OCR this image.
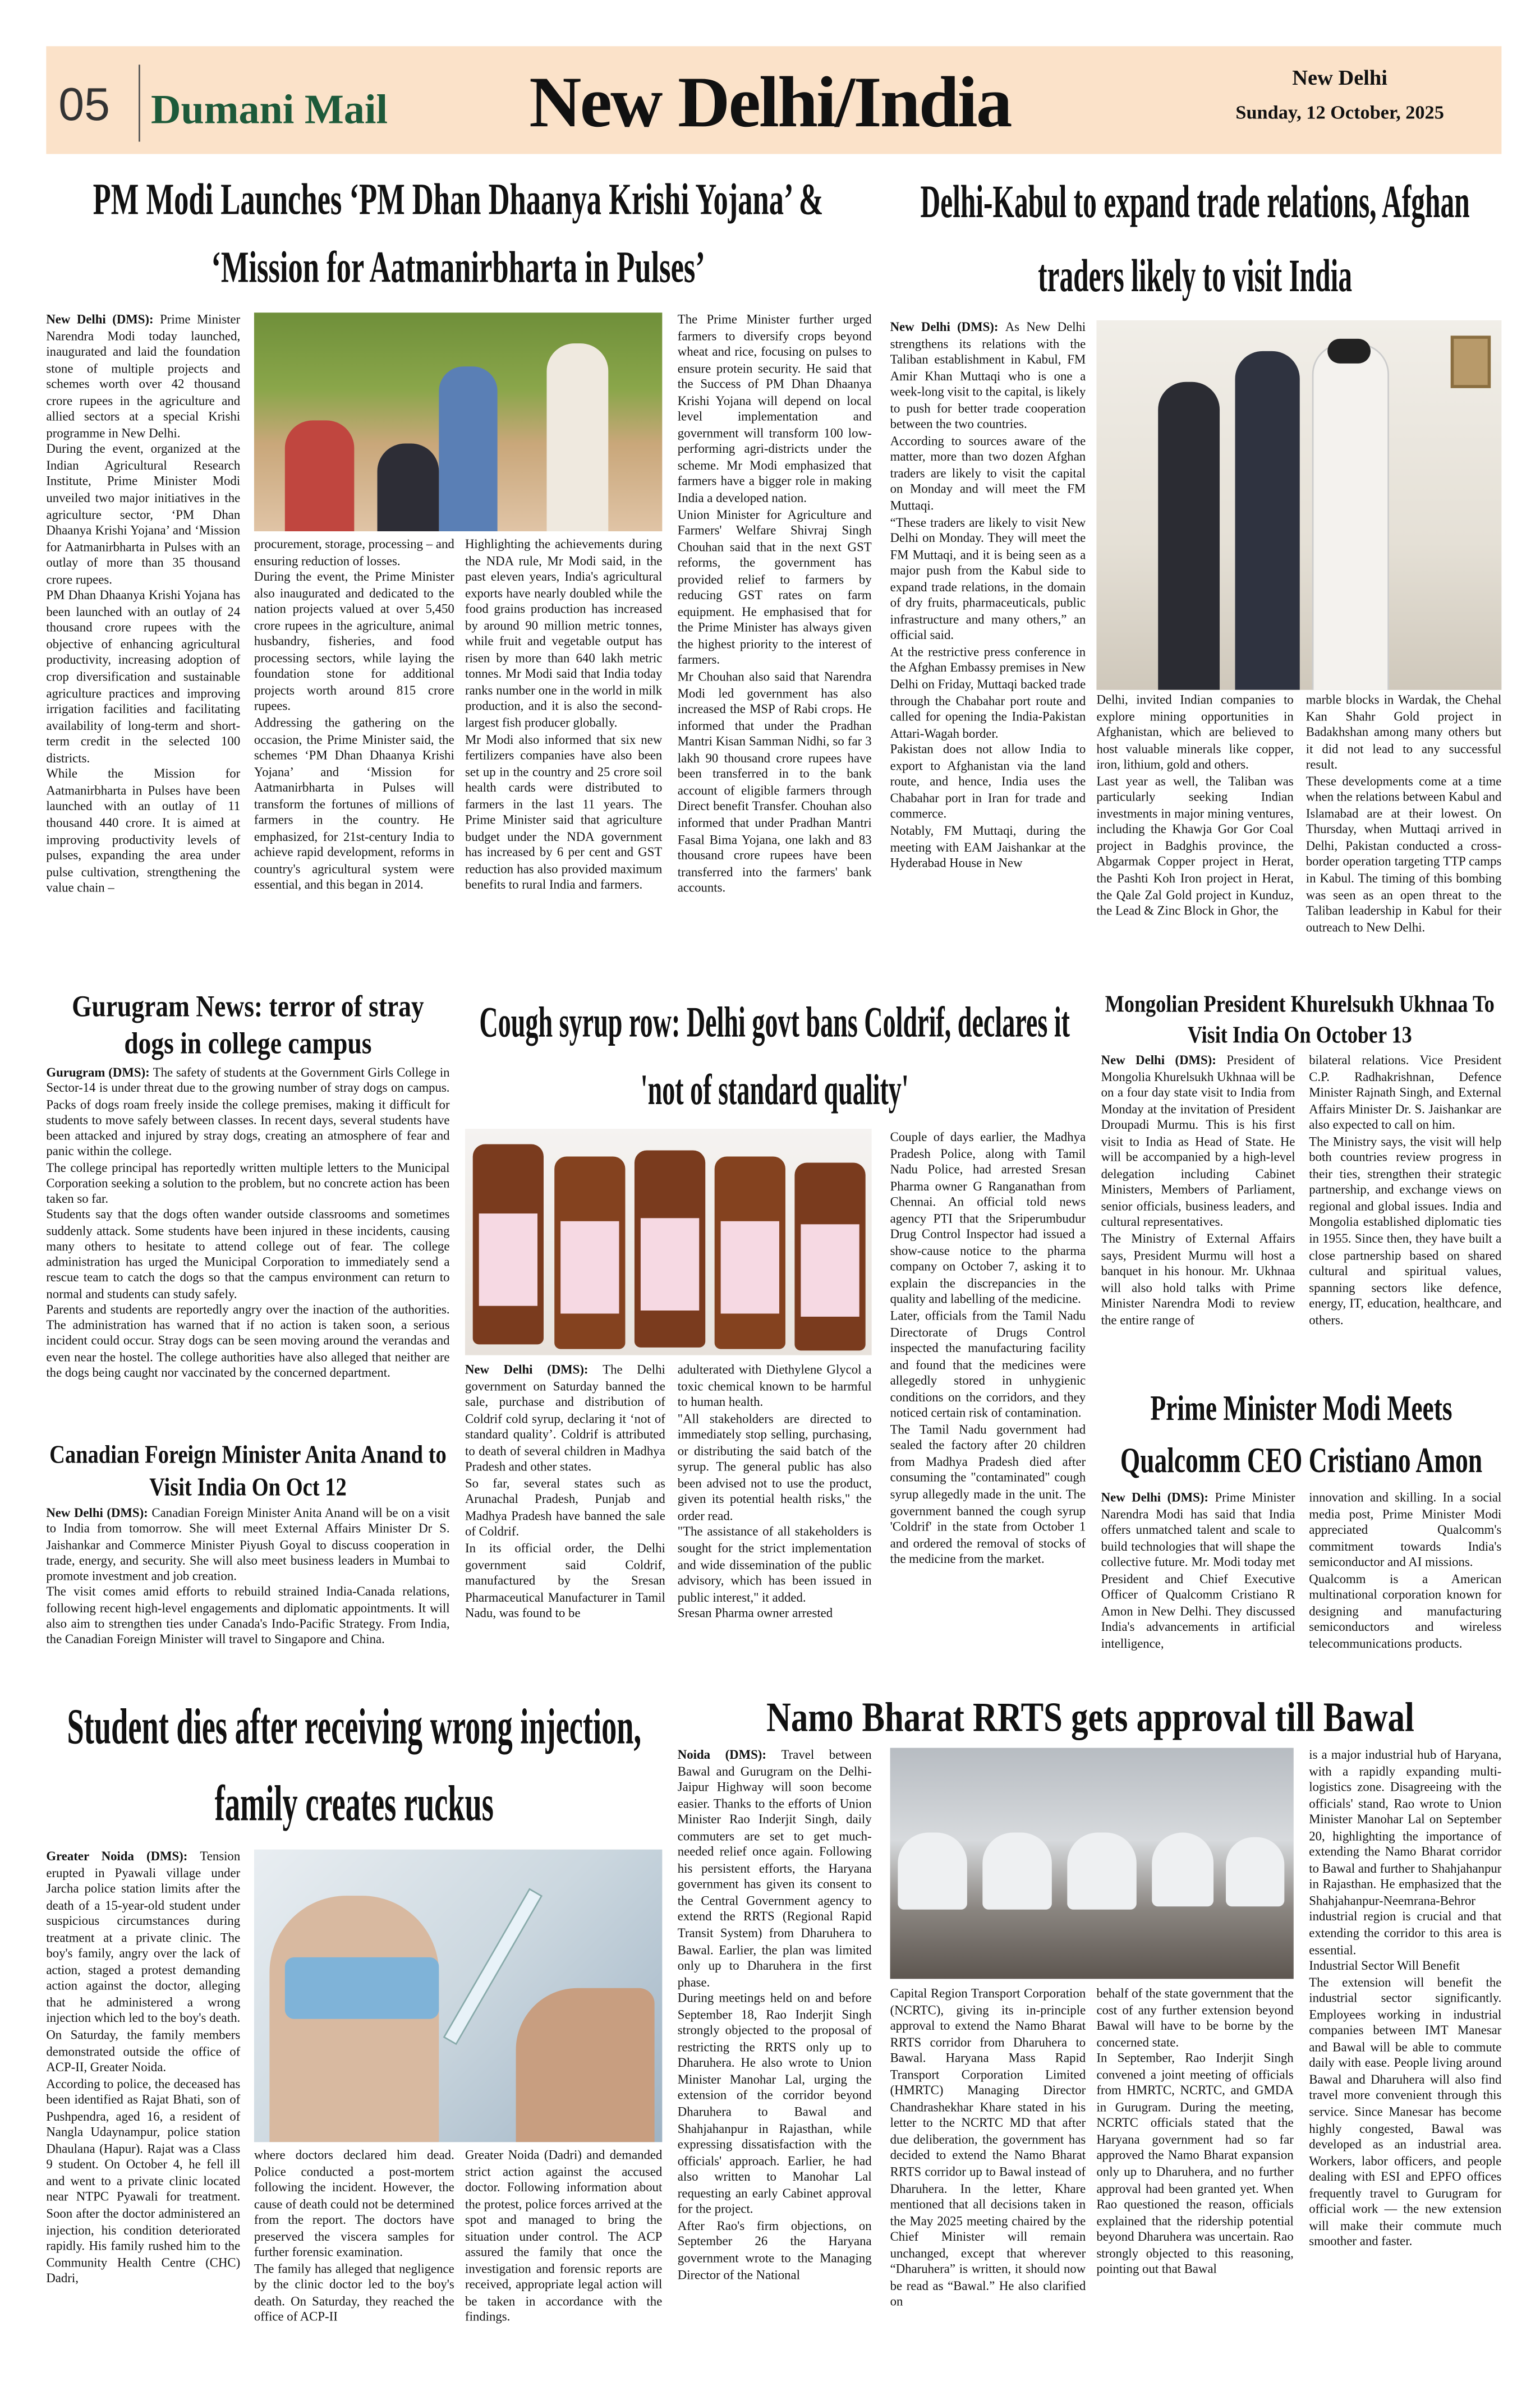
05	Dumani Mail	New Delhi/India	New Delhi
Sunday, 12 October, 2025
PM Modi Launches ‘PM Dhan Dhaanya Krishi Yojana’ & ‘Mission for Aatmanirbharta in Pulses’

New Delhi (DMS): Prime Minister Narendra Modi today launched, inaugurated and laid the foundation stone of multiple projects and schemes worth over 42 thousand crore rupees in the agriculture and allied sectors at a special Krishi programme in New Delhi.

During the event, organized at the Indian Agricultural Research Institute, Prime Minister Modi unveiled two major initiatives in the agriculture sector, ‘PM Dhan Dhaanya Krishi Yojana’ and ‘Mission for Aatmanirbharta in Pulses with an outlay of more than 35 thousand crore rupees.

PM Dhan Dhaanya Krishi Yojana has been launched with an outlay of 24 thousand crore rupees with the objective of enhancing agricultural productivity, increasing adoption of crop diversification and sustainable agriculture practices and improving irrigation facilities and facilitating availability of long-term and short-term credit in the selected 100 districts.

While the Mission for Aatmanirbharta in Pulses have been launched with an outlay of 11 thousand 440 crore. It is aimed at improving productivity levels of pulses, expanding the area under pulse cultivation, strengthening the value chain –

procurement, storage, processing – and ensuring reduction of losses.

During the event, the Prime Minister also inaugurated and dedicated to the nation projects valued at over 5,450 crore rupees in the agriculture, animal husbandry, fisheries, and food processing sectors, while laying the foundation stone for additional projects worth around 815 crore rupees.

Addressing the gathering on the occasion, the Prime Minister said, the schemes ‘PM Dhan Dhaanya Krishi Yojana’ and ‘Mission for Aatmanirbharta in Pulses will transform the fortunes of millions of farmers in the country. He emphasized, for 21st-century India to achieve rapid development, reforms in country's agricultural system were essential, and this began in 2014.

Highlighting the achievements during the NDA rule, Mr Modi said, in the past eleven years, India's agricultural exports have nearly doubled while the food grains production has increased by around 90 million metric tonnes, while fruit and vegetable output has risen by more than 640 lakh metric tonnes. Mr Modi said that India today ranks number one in the world in milk production, and it is also the second-largest fish producer globally.

Mr Modi also informed that six new fertilizers companies have also been set up in the country and 25 crore soil health cards were distributed to farmers in the last 11 years. The Prime Minister said that agriculture budget under the NDA government has increased by 6 per cent and GST reduction has also provided maximum benefits to rural India and farmers.

The Prime Minister further urged farmers to diversify crops beyond wheat and rice, focusing on pulses to ensure protein security. He said that the Success of PM Dhan Dhaanya Krishi Yojana will depend on local level implementation and government will transform 100 low-performing agri-districts under the scheme. Mr Modi emphasized that farmers have a bigger role in making India a developed nation.

Union Minister for Agriculture and Farmers' Welfare Shivraj Singh Chouhan said that in the next GST reforms, the government has provided relief to farmers by reducing GST rates on farm equipment. He emphasised that for the Prime Minister has always given the highest priority to the interest of farmers.

Mr Chouhan also said that Narendra Modi led government has also increased the MSP of Rabi crops. He informed that under the Pradhan Mantri Kisan Samman Nidhi, so far 3 lakh 90 thousand crore rupees have been transferred in to the bank account of eligible farmers through Direct benefit Transfer. Chouhan also informed that under Pradhan Mantri Fasal Bima Yojana, one lakh and 83 thousand crore rupees have been transferred into the farmers' bank accounts.

Delhi-Kabul to expand trade relations, Afghan traders likely to visit India

New Delhi (DMS): As New Delhi strengthens its relations with the Taliban establishment in Kabul, FM Amir Khan Muttaqi who is one a week-long visit to the capital, is likely to push for better trade cooperation between the two countries.

According to sources aware of the matter, more than two dozen Afghan traders are likely to visit the capital on Monday and will meet the FM Muttaqi.

“These traders are likely to visit New Delhi on Monday. They will meet the FM Muttaqi, and it is being seen as a major push from the Kabul side to expand trade relations, in the domain of dry fruits, pharmaceuticals, public infrastructure and many others,” an official said.

At the restrictive press conference in the Afghan Embassy premises in New Delhi on Friday, Muttaqi backed trade through the Chabahar port route and called for opening the India-Pakistan Attari-Wagah border.

Pakistan does not allow India to export to Afghanistan via the land route, and hence, India uses the Chabahar port in Iran for trade and commerce.

Notably, FM Muttaqi, during the meeting with EAM Jaishankar at the Hyderabad House in New

Delhi, invited Indian companies to explore mining opportunities in Afghanistan, which are believed to host valuable minerals like copper, iron, lithium, gold and others.

Last year as well, the Taliban was particularly seeking Indian investments in major mining ventures, including the Khawja Gor Gor Coal project in Badghis province, the Abgarmak Copper project in Herat, the Pashti Koh Iron project in Herat, the Qale Zal Gold project in Kunduz, the Lead & Zinc Block in Ghor, the

marble blocks in Wardak, the Chehal Kan Shahr Gold project in Badakhshan among many others but it did not lead to any successful result.

These developments come at a time when the relations between Kabul and Islamabad are at their lowest. On Thursday, when Muttaqi arrived in Delhi, Pakistan conducted a cross-border operation targeting TTP camps in Kabul. The timing of this bombing was seen as an open threat to the Taliban leadership in Kabul for their outreach to New Delhi.

Gurugram News: terror of stray dogs in college campus

Gurugram (DMS): The safety of students at the Government Girls College in Sector-14 is under threat due to the growing number of stray dogs on campus. Packs of dogs roam freely inside the college premises, making it difficult for students to move safely between classes. In recent days, several students have been attacked and injured by stray dogs, creating an atmosphere of fear and panic within the college.

The college principal has reportedly written multiple letters to the Municipal Corporation seeking a solution to the problem, but no concrete action has been taken so far.

Students say that the dogs often wander outside classrooms and sometimes suddenly attack. Some students have been injured in these incidents, causing many others to hesitate to attend college out of fear. The college administration has urged the Municipal Corporation to immediately send a rescue team to catch the dogs so that the campus environment can return to normal and students can study safely.

Parents and students are reportedly angry over the inaction of the authorities. The administration has warned that if no action is taken soon, a serious incident could occur. Stray dogs can be seen moving around the verandas and even near the hostel. The college authorities have also alleged that neither are the dogs being caught nor vaccinated by the concerned department.

Canadian Foreign Minister Anita Anand to Visit India On Oct 12

New Delhi (DMS): Canadian Foreign Minister Anita Anand will be on a visit to India from tomorrow. She will meet External Affairs Minister Dr S. Jaishankar and Commerce Minister Piyush Goyal to discuss cooperation in trade, energy, and security. She will also meet business leaders in Mumbai to promote investment and job creation.

The visit comes amid efforts to rebuild strained India-Canada relations, following recent high-level engagements and diplomatic appointments. It will also aim to strengthen ties under Canada's Indo-Pacific Strategy. From India, the Canadian Foreign Minister will travel to Singapore and China.

Cough syrup row: Delhi govt bans Coldrif, declares it 'not of standard quality'

New Delhi (DMS): The Delhi government on Saturday banned the sale, purchase and distribution of Coldrif cold syrup, declaring it ‘not of standard quality’. Coldrif is attributed to death of several children in Madhya Pradesh and other states.

So far, several states such as Arunachal Pradesh, Punjab and Madhya Pradesh have banned the sale of Coldrif.

In its official order, the Delhi government said Coldrif, manufactured by the Sresan Pharmaceutical Manufacturer in Tamil Nadu, was found to be

adulterated with Diethylene Glycol a toxic chemical known to be harmful to human health.

"All stakeholders are directed to immediately stop selling, purchasing, or distributing the said batch of the syrup. The general public has also been advised not to use the product, given its potential health risks," the order read.

"The assistance of all stakeholders is sought for the strict implementation and wide dissemination of the public advisory, which has been issued in public interest," it added.

Sresan Pharma owner arrested

Couple of days earlier, the Madhya Pradesh Police, along with Tamil Nadu Police, had arrested Sresan Pharma owner G Ranganathan from Chennai. An official told news agency PTI that the Sriperumbudur Drug Control Inspector had issued a show-cause notice to the pharma company on October 7, asking it to explain the discrepancies in the quality and labelling of the medicine.

Later, officials from the Tamil Nadu Directorate of Drugs Control inspected the manufacturing facility and found that the medicines were allegedly stored in unhygienic conditions on the corridors, and they noticed certain risk of contamination.

The Tamil Nadu government had sealed the factory after 20 children from Madhya Pradesh died after consuming the "contaminated" cough syrup allegedly made in the unit. The government banned the cough syrup 'Coldrif' in the state from October 1 and ordered the removal of stocks of the medicine from the market.

Mongolian President Khurelsukh Ukhnaa To Visit India On October 13

New Delhi (DMS): President of Mongolia Khurelsukh Ukhnaa will be on a four day state visit to India from Monday at the invitation of President Droupadi Murmu. This is his first visit to India as Head of State. He will be accompanied by a high-level delegation including Cabinet Ministers, Members of Parliament, senior officials, business leaders, and cultural representatives.

The Ministry of External Affairs says, President Murmu will host a banquet in his honour. Mr. Ukhnaa will also hold talks with Prime Minister Narendra Modi to review the entire range of

bilateral relations. Vice President C.P. Radhakrishnan, Defence Minister Rajnath Singh, and External Affairs Minister Dr. S. Jaishankar are also expected to call on him.

The Ministry says, the visit will help both countries review progress in their ties, strengthen their strategic partnership, and exchange views on regional and global issues. India and Mongolia established diplomatic ties in 1955. Since then, they have built a close partnership based on shared cultural and spiritual values, spanning sectors like defence, energy, IT, education, healthcare, and others.

Prime Minister Modi Meets Qualcomm CEO Cristiano Amon

New Delhi (DMS): Prime Minister Narendra Modi has said that India offers unmatched talent and scale to build technologies that will shape the collective future. Mr. Modi today met President and Chief Executive Officer of Qualcomm Cristiano R Amon in New Delhi. They discussed India's advancements in artificial intelligence,

innovation and skilling. In a social media post, Prime Minister Modi appreciated Qualcomm's commitment towards India's semiconductor and AI missions.

Qualcomm is a American multinational corporation known for designing and manufacturing semiconductors and wireless telecommunications products.

Student dies after receiving wrong injection, family creates ruckus

Greater Noida (DMS): Tension erupted in Pyawali village under Jarcha police station limits after the death of a 15-year-old student under suspicious circumstances during treatment at a private clinic. The boy's family, angry over the lack of action, staged a protest demanding action against the doctor, alleging that he administered a wrong injection which led to the boy's death. On Saturday, the family members demonstrated outside the office of ACP-II, Greater Noida.

According to police, the deceased has been identified as Rajat Bhati, son of Pushpendra, aged 16, a resident of Nangla Udaynampur, police station Dhaulana (Hapur). Rajat was a Class 9 student. On October 4, he fell ill and went to a private clinic located near NTPC Pyawali for treatment. Soon after the doctor administered an injection, his condition deteriorated rapidly. His family rushed him to the Community Health Centre (CHC) Dadri,

where doctors declared him dead. Police conducted a post-mortem following the incident. However, the cause of death could not be determined from the report. The doctors have preserved the viscera samples for further forensic examination.

The family has alleged that negligence by the clinic doctor led to the boy's death. On Saturday, they reached the office of ACP-II

Greater Noida (Dadri) and demanded strict action against the accused doctor. Following information about the protest, police forces arrived at the spot and managed to bring the situation under control. The ACP assured the family that once the investigation and forensic reports are received, appropriate legal action will be taken in accordance with the findings.

Namo Bharat RRTS gets approval till Bawal

Noida (DMS): Travel between Bawal and Gurugram on the Delhi-Jaipur Highway will soon become easier. Thanks to the efforts of Union Minister Rao Inderjit Singh, daily commuters are set to get much-needed relief once again. Following his persistent efforts, the Haryana government has given its consent to the Central Government agency to extend the RRTS (Regional Rapid Transit System) from Dharuhera to Bawal. Earlier, the plan was limited only up to Dharuhera in the first phase.

During meetings held on and before September 18, Rao Inderjit Singh strongly objected to the proposal of restricting the RRTS only up to Dharuhera. He also wrote to Union Minister Manohar Lal, urging the extension of the corridor beyond Dharuhera to Bawal and Shahjahanpur in Rajasthan, while expressing dissatisfaction with the officials' approach. Earlier, he had also written to Manohar Lal requesting an early Cabinet approval for the project.

After Rao's firm objections, on September 26 the Haryana government wrote to the Managing Director of the National

Capital Region Transport Corporation (NCRTC), giving its in-principle approval to extend the Namo Bharat RRTS corridor from Dharuhera to Bawal. Haryana Mass Rapid Transport Corporation Limited (HMRTC) Managing Director Chandrashekhar Khare stated in his letter to the NCRTC MD that after due deliberation, the government has decided to extend the Namo Bharat RRTS corridor up to Bawal instead of Dharuhera. In the letter, Khare mentioned that all decisions taken in the May 2025 meeting chaired by the Chief Minister will remain unchanged, except that wherever “Dharuhera” is written, it should now be read as “Bawal.” He also clarified on

behalf of the state government that the cost of any further extension beyond Bawal will have to be borne by the concerned state.

In September, Rao Inderjit Singh convened a joint meeting of officials from HMRTC, NCRTC, and GMDA in Gurugram. During the meeting, NCRTC officials stated that the Haryana government had so far approved the Namo Bharat expansion only up to Dharuhera, and no further approval had been granted yet. When Rao questioned the reason, officials explained that the ridership potential beyond Dharuhera was uncertain. Rao strongly objected to this reasoning, pointing out that Bawal

is a major industrial hub of Haryana, with a rapidly expanding multi-logistics zone. Disagreeing with the officials' stand, Rao wrote to Union Minister Manohar Lal on September 20, highlighting the importance of extending the Namo Bharat corridor to Bawal and further to Shahjahanpur in Rajasthan. He emphasized that the Shahjahanpur-Neemrana-Behror industrial region is crucial and that extending the corridor to this area is essential.

Industrial Sector Will Benefit

The extension will benefit the industrial sector significantly. Employees working in industrial companies between IMT Manesar and Bawal will be able to commute daily with ease. People living around Bawal and Dharuhera will also find travel more convenient through this service. Since Manesar has become highly congested, Bawal was developed as an industrial area. Workers, labor officers, and people dealing with ESI and EPFO offices frequently travel to Gurugram for official work — the new extension will make their commute much smoother and faster.
